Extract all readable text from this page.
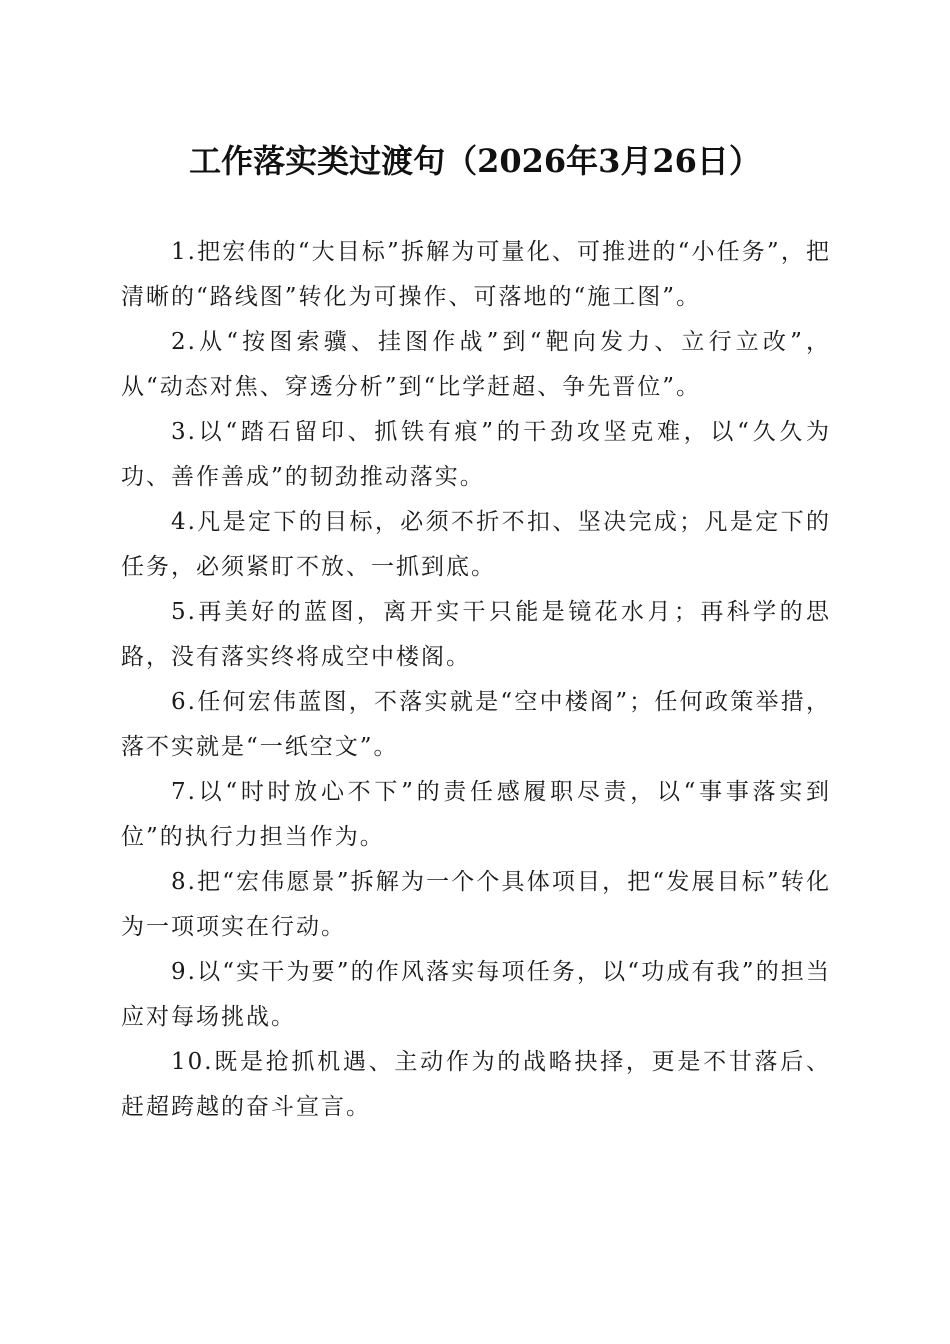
工作落实类过渡句（2026年3月26日）

1.把宏伟的“大目标”拆解为可量化、可推进的“小任务”，把清晰的“路线图”转化为可操作、可落地的“施工图”。

2.从“按图索骥、挂图作战”到“靶向发力、立行立改”，从“动态对焦、穿透分析”到“比学赶超、争先晋位”。

3.以“踏石留印、抓铁有痕”的干劲攻坚克难，以“久久为功、善作善成”的韧劲推动落实。

4.凡是定下的目标，必须不折不扣、坚决完成；凡是定下的任务，必须紧盯不放、一抓到底。

5.再美好的蓝图，离开实干只能是镜花水月；再科学的思路，没有落实终将成空中楼阁。

6.任何宏伟蓝图，不落实就是“空中楼阁”；任何政策举措，落不实就是“一纸空文”。

7.以“时时放心不下”的责任感履职尽责，以“事事落实到位”的执行力担当作为。

8.把“宏伟愿景”拆解为一个个具体项目，把“发展目标”转化为一项项实在行动。

9.以“实干为要”的作风落实每项任务，以“功成有我”的担当应对每场挑战。

10.既是抢抓机遇、主动作为的战略抉择，更是不甘落后、赶超跨越的奋斗宣言。
